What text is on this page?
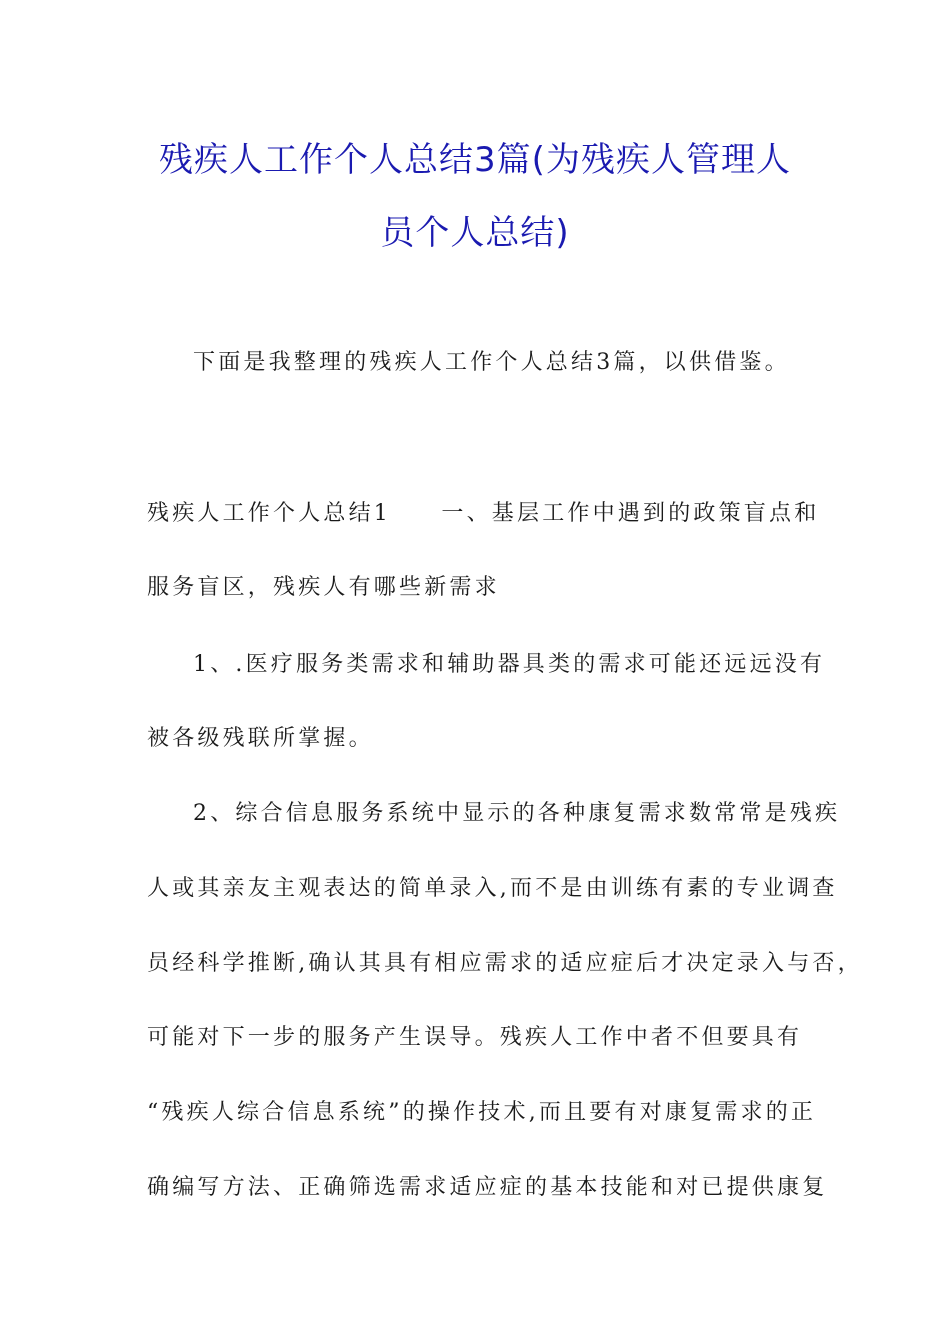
残疾人工作个人总结3篇(为残疾人管理人
员个人总结)
下面是我整理的残疾人工作个人总结3篇，以供借鉴。
残疾人工作个人总结1　　一、基层工作中遇到的政策盲点和
服务盲区，残疾人有哪些新需求
1、.医疗服务类需求和辅助器具类的需求可能还远远没有
被各级残联所掌握。
2、综合信息服务系统中显示的各种康复需求数常常是残疾
人或其亲友主观表达的简单录入,而不是由训练有素的专业调查
员经科学推断,确认其具有相应需求的适应症后才决定录入与否，
可能对下一步的服务产生误导。残疾人工作中者不但要具有
“残疾人综合信息系统”的操作技术,而且要有对康复需求的正
确编写方法、正确筛选需求适应症的基本技能和对已提供康复
